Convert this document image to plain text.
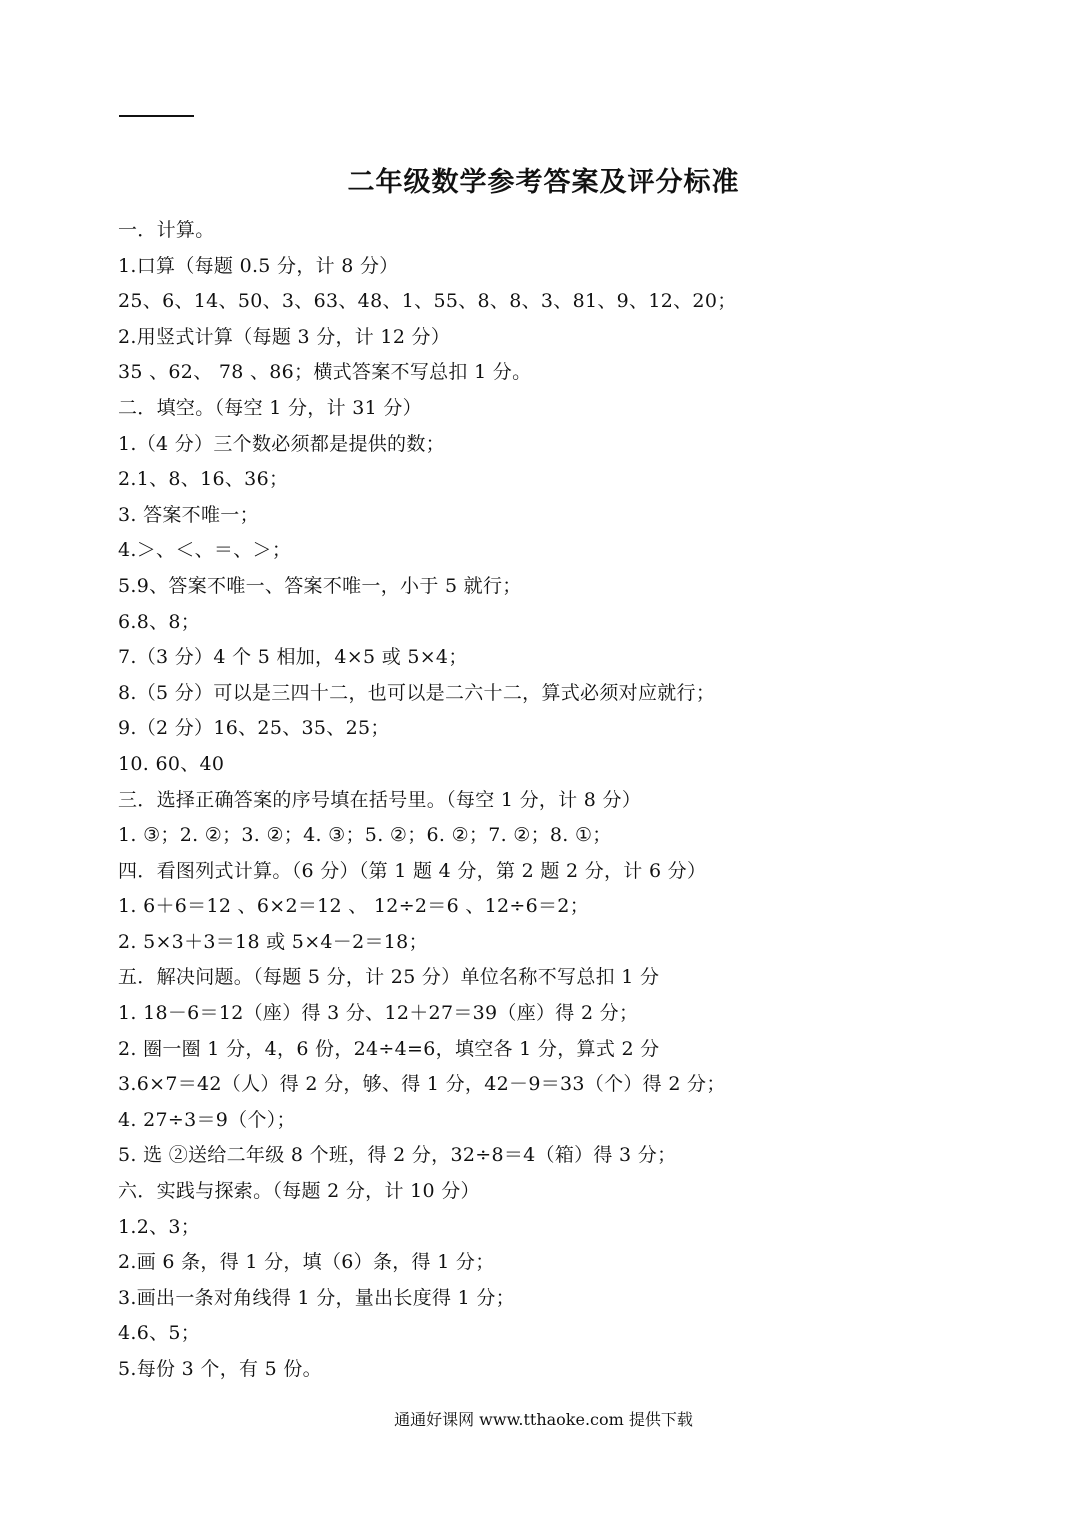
二年级数学参考答案及评分标准
一．计算。
1.口算（每题 0.5 分，计 8 分）
25、6、14、50、3、63、48、1、55、8、8、3、81、9、12、20；
2.用竖式计算（每题 3 分，计 12 分）
35 、62、 78 、86；横式答案不写总扣 1 分。
二．填空。（每空 1 分，计 31 分）
1.（4 分）三个数必须都是提供的数；
2.1、8、16、36；
3. 答案不唯一；
4.＞、＜、＝、＞；
5.9、答案不唯一、答案不唯一，小于 5 就行；
6.8、8；
7.（3 分）4 个 5 相加，4×5 或 5×4；
8.（5 分）可以是三四十二，也可以是二六十二，算式必须对应就行；
9.（2 分）16、25、35、25；
10. 60、40
三．选择正确答案的序号填在括号里。（每空 1 分，计 8 分）
1. ③；2. ②；3. ②；4. ③；5. ②；6. ②；7. ②；8. ①；
四．看图列式计算。（6 分）（第 1 题 4 分，第 2 题 2 分，计 6 分）
1. 6＋6＝12 、6×2＝12 、 12÷2＝6 、12÷6＝2；
2. 5×3＋3＝18 或 5×4－2＝18；
五．解决问题。（每题 5 分，计 25 分）单位名称不写总扣 1 分
1. 18－6＝12（座）得 3 分、12＋27＝39（座）得 2 分；
2. 圈一圈 1 分，4，6 份，24÷4=6，填空各 1 分，算式 2 分
3.6×7＝42（人）得 2 分，够、得 1 分，42－9＝33（个）得 2 分；
4. 27÷3＝9（个）；
5. 选 ②送给二年级 8 个班，得 2 分，32÷8＝4（箱）得 3 分；
六．实践与探索。（每题 2 分，计 10 分）
1.2、3；
2.画 6 条，得 1 分，填（6）条，得 1 分；
3.画出一条对角线得 1 分，量出长度得 1 分；
4.6、5；
5.每份 3 个，有 5 份。
通通好课网 www.tthaoke.com 提供下载
